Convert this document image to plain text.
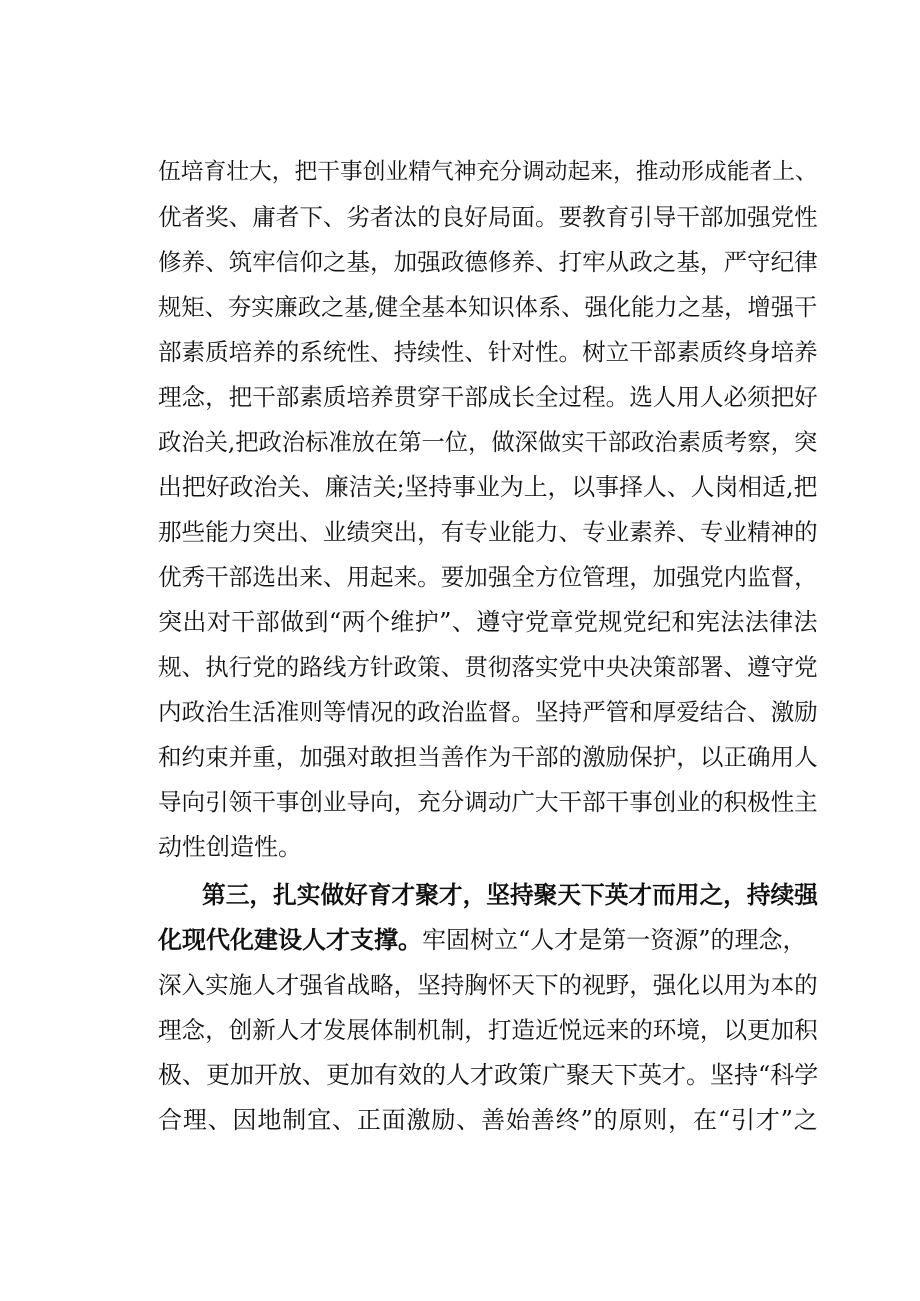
伍培育壮大，把干事创业精气神充分调动起来，推动形成能者上、
优者奖、庸者下、劣者汰的良好局面。要教育引导干部加强党性
修养、筑牢信仰之基，加强政德修养、打牢从政之基，严守纪律
规矩、夯实廉政之基,健全基本知识体系、强化能力之基，增强干
部素质培养的系统性、持续性、针对性。树立干部素质终身培养
理念，把干部素质培养贯穿干部成长全过程。选人用人必须把好
政治关,把政治标准放在第一位，做深做实干部政治素质考察，突
出把好政治关、廉洁关;坚持事业为上，以事择人、人岗相适,把
那些能力突出、业绩突出，有专业能力、专业素养、专业精神的
优秀干部选出来、用起来。要加强全方位管理，加强党内监督，
突出对干部做到“两个维护”、遵守党章党规党纪和宪法法律法
规、执行党的路线方针政策、贯彻落实党中央决策部署、遵守党
内政治生活准则等情况的政治监督。坚持严管和厚爱结合、激励
和约束并重，加强对敢担当善作为干部的激励保护，以正确用人
导向引领干事创业导向，充分调动广大干部干事创业的积极性主
动性创造性。
第三，扎实做好育才聚才，坚持聚天下英才而用之，持续强
化现代化建设人才支撑。 牢固树立“人才是第一资源”的理念，
深入实施人才强省战略，坚持胸怀天下的视野，强化以用为本的
理念，创新人才发展体制机制，打造近悦远来的环境，以更加积
极、更加开放、更加有效的人才政策广聚天下英才。坚持“科学
合理、因地制宜、正面激励、善始善终”的原则，在“引才”之
